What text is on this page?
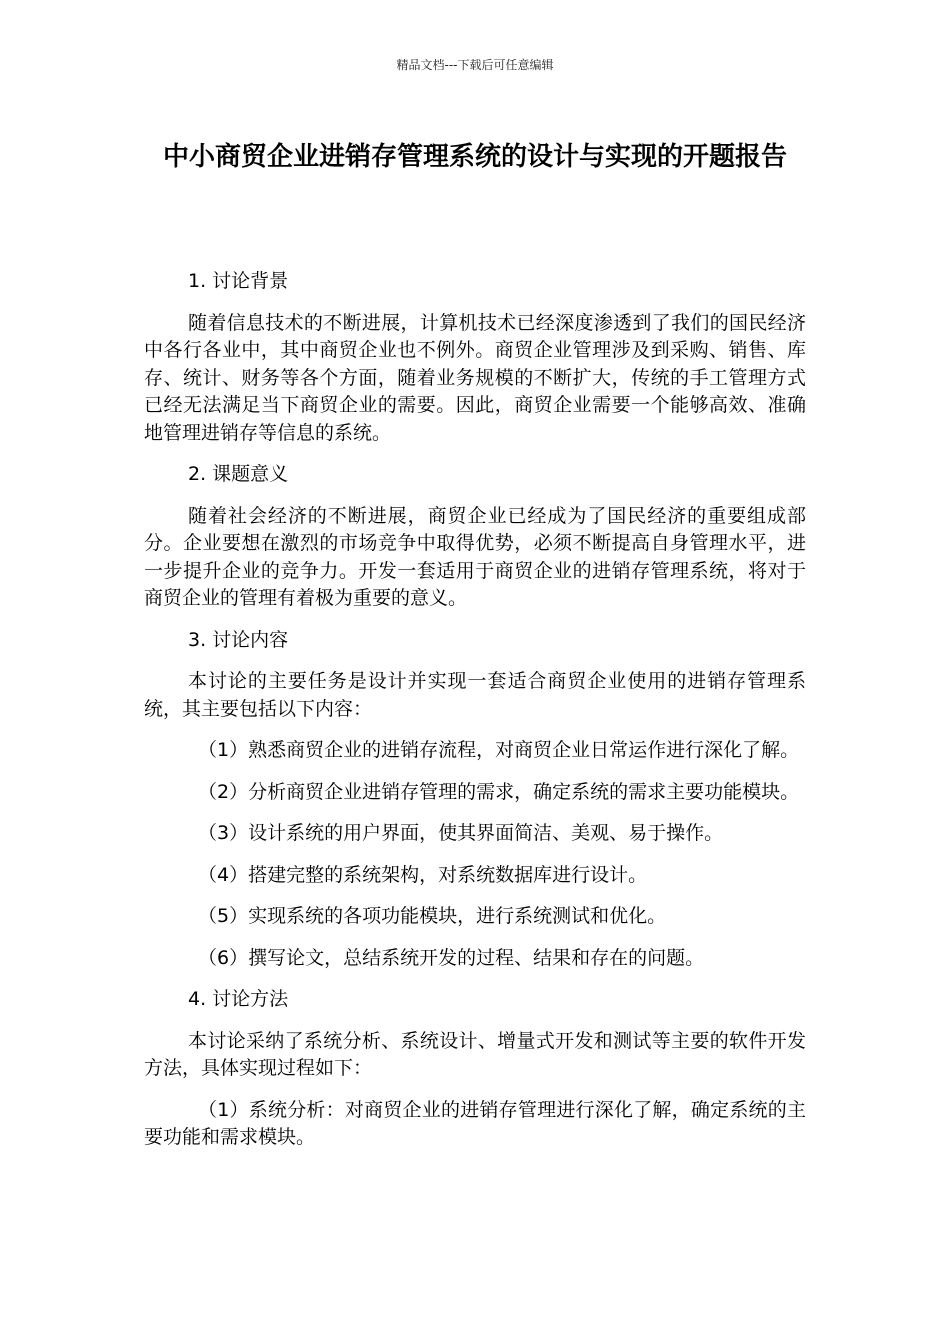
精品文档---下载后可任意编辑
中小商贸企业进销存管理系统的设计与实现的开题报告

1. 讨论背景

随着信息技术的不断进展，计算机技术已经深度渗透到了我们的国民经济中各行各业中，其中商贸企业也不例外。商贸企业管理涉及到采购、销售、库存、统计、财务等各个方面，随着业务规模的不断扩大，传统的手工管理方式已经无法满足当下商贸企业的需要。因此，商贸企业需要一个能够高效、准确地管理进销存等信息的系统。

2. 课题意义

随着社会经济的不断进展，商贸企业已经成为了国民经济的重要组成部分。企业要想在激烈的市场竞争中取得优势，必须不断提高自身管理水平，进一步提升企业的竞争力。开发一套适用于商贸企业的进销存管理系统，将对于商贸企业的管理有着极为重要的意义。

3. 讨论内容

本讨论的主要任务是设计并实现一套适合商贸企业使用的进销存管理系统，其主要包括以下内容：

（1）熟悉商贸企业的进销存流程，对商贸企业日常运作进行深化了解。

（2）分析商贸企业进销存管理的需求，确定系统的需求主要功能模块。

（3）设计系统的用户界面，使其界面简洁、美观、易于操作。

（4）搭建完整的系统架构，对系统数据库进行设计。

（5）实现系统的各项功能模块，进行系统测试和优化。

（6）撰写论文，总结系统开发的过程、结果和存在的问题。

4. 讨论方法

本讨论采纳了系统分析、系统设计、增量式开发和测试等主要的软件开发方法，具体实现过程如下：

（1）系统分析：对商贸企业的进销存管理进行深化了解，确定系统的主要功能和需求模块。
